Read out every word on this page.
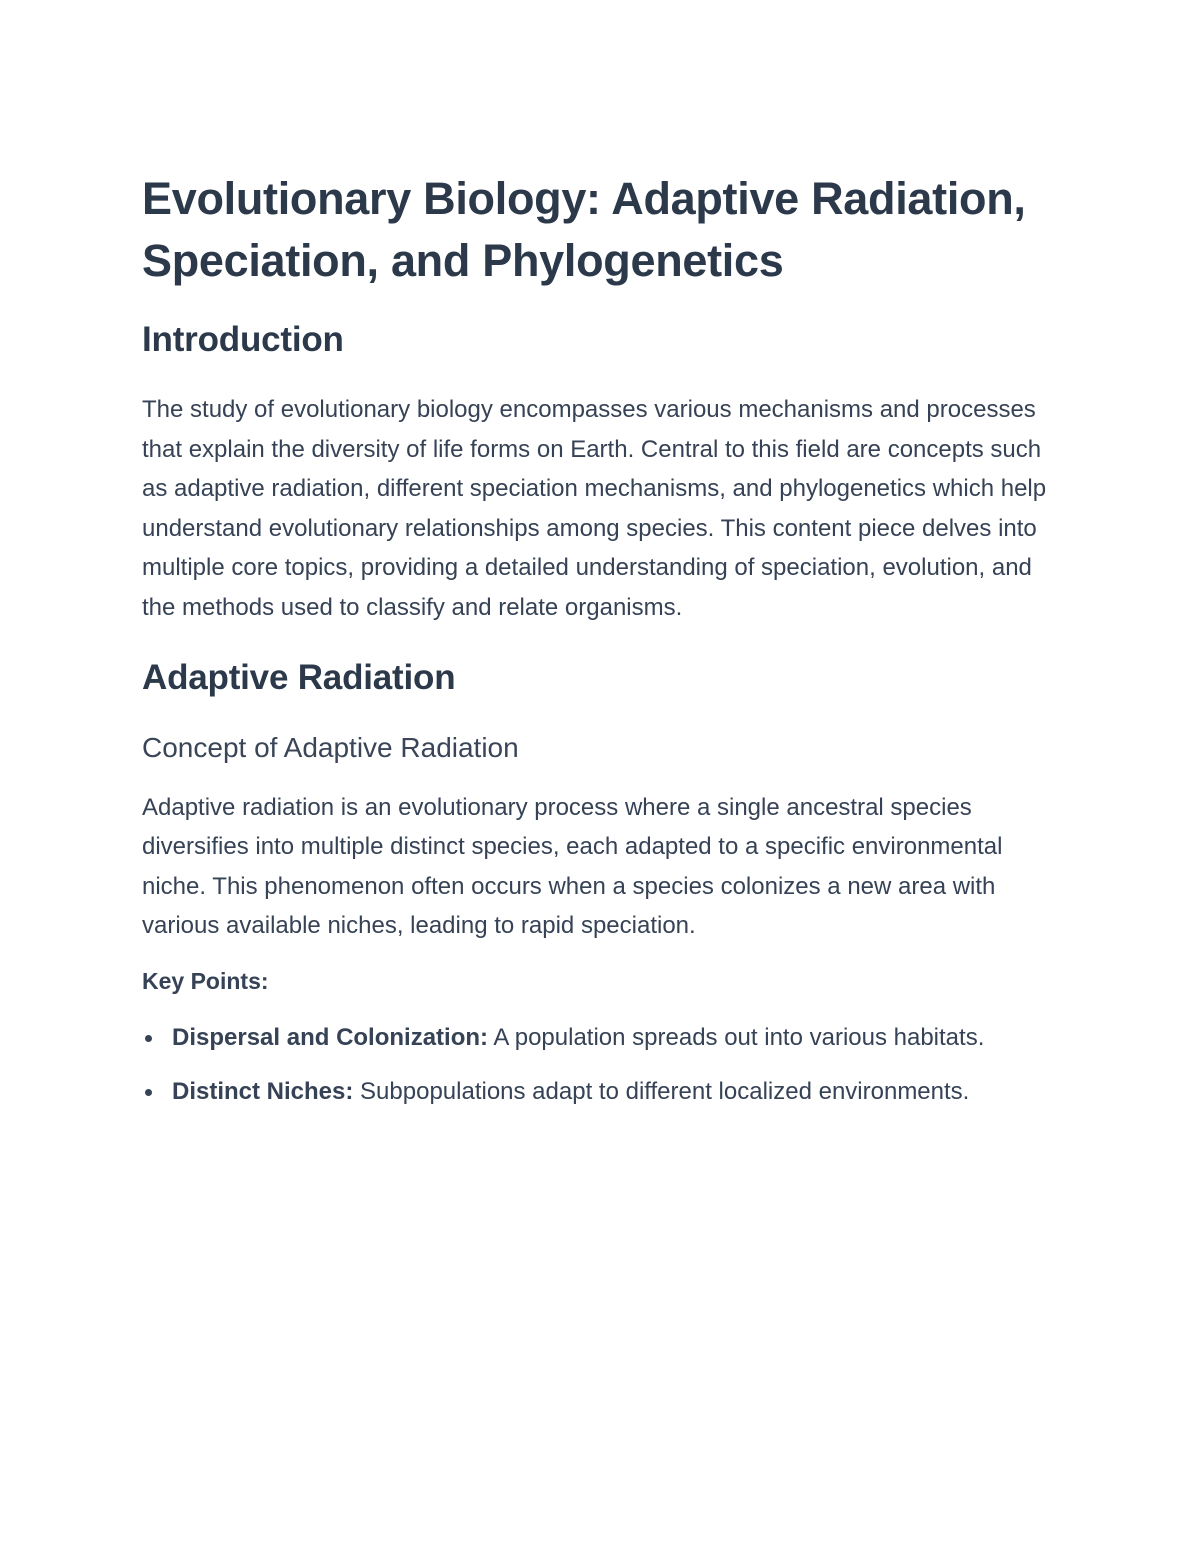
Evolutionary Biology: Adaptive Radiation, Speciation, and Phylogenetics
Introduction

The study of evolutionary biology encompasses various mechanisms and processes that explain the diversity of life forms on Earth. Central to this field are concepts such as adaptive radiation, different speciation mechanisms, and phylogenetics which help understand evolutionary relationships among species. This content piece delves into multiple core topics, providing a detailed understanding of speciation, evolution, and the methods used to classify and relate organisms.

Adaptive Radiation
Concept of Adaptive Radiation

Adaptive radiation is an evolutionary process where a single ancestral species diversifies into multiple distinct species, each adapted to a specific environmental niche. This phenomenon often occurs when a species colonizes a new area with various available niches, leading to rapid speciation.

Key Points:
Dispersal and Colonization: A population spreads out into various habitats.
Distinct Niches: Subpopulations adapt to different localized environments.
